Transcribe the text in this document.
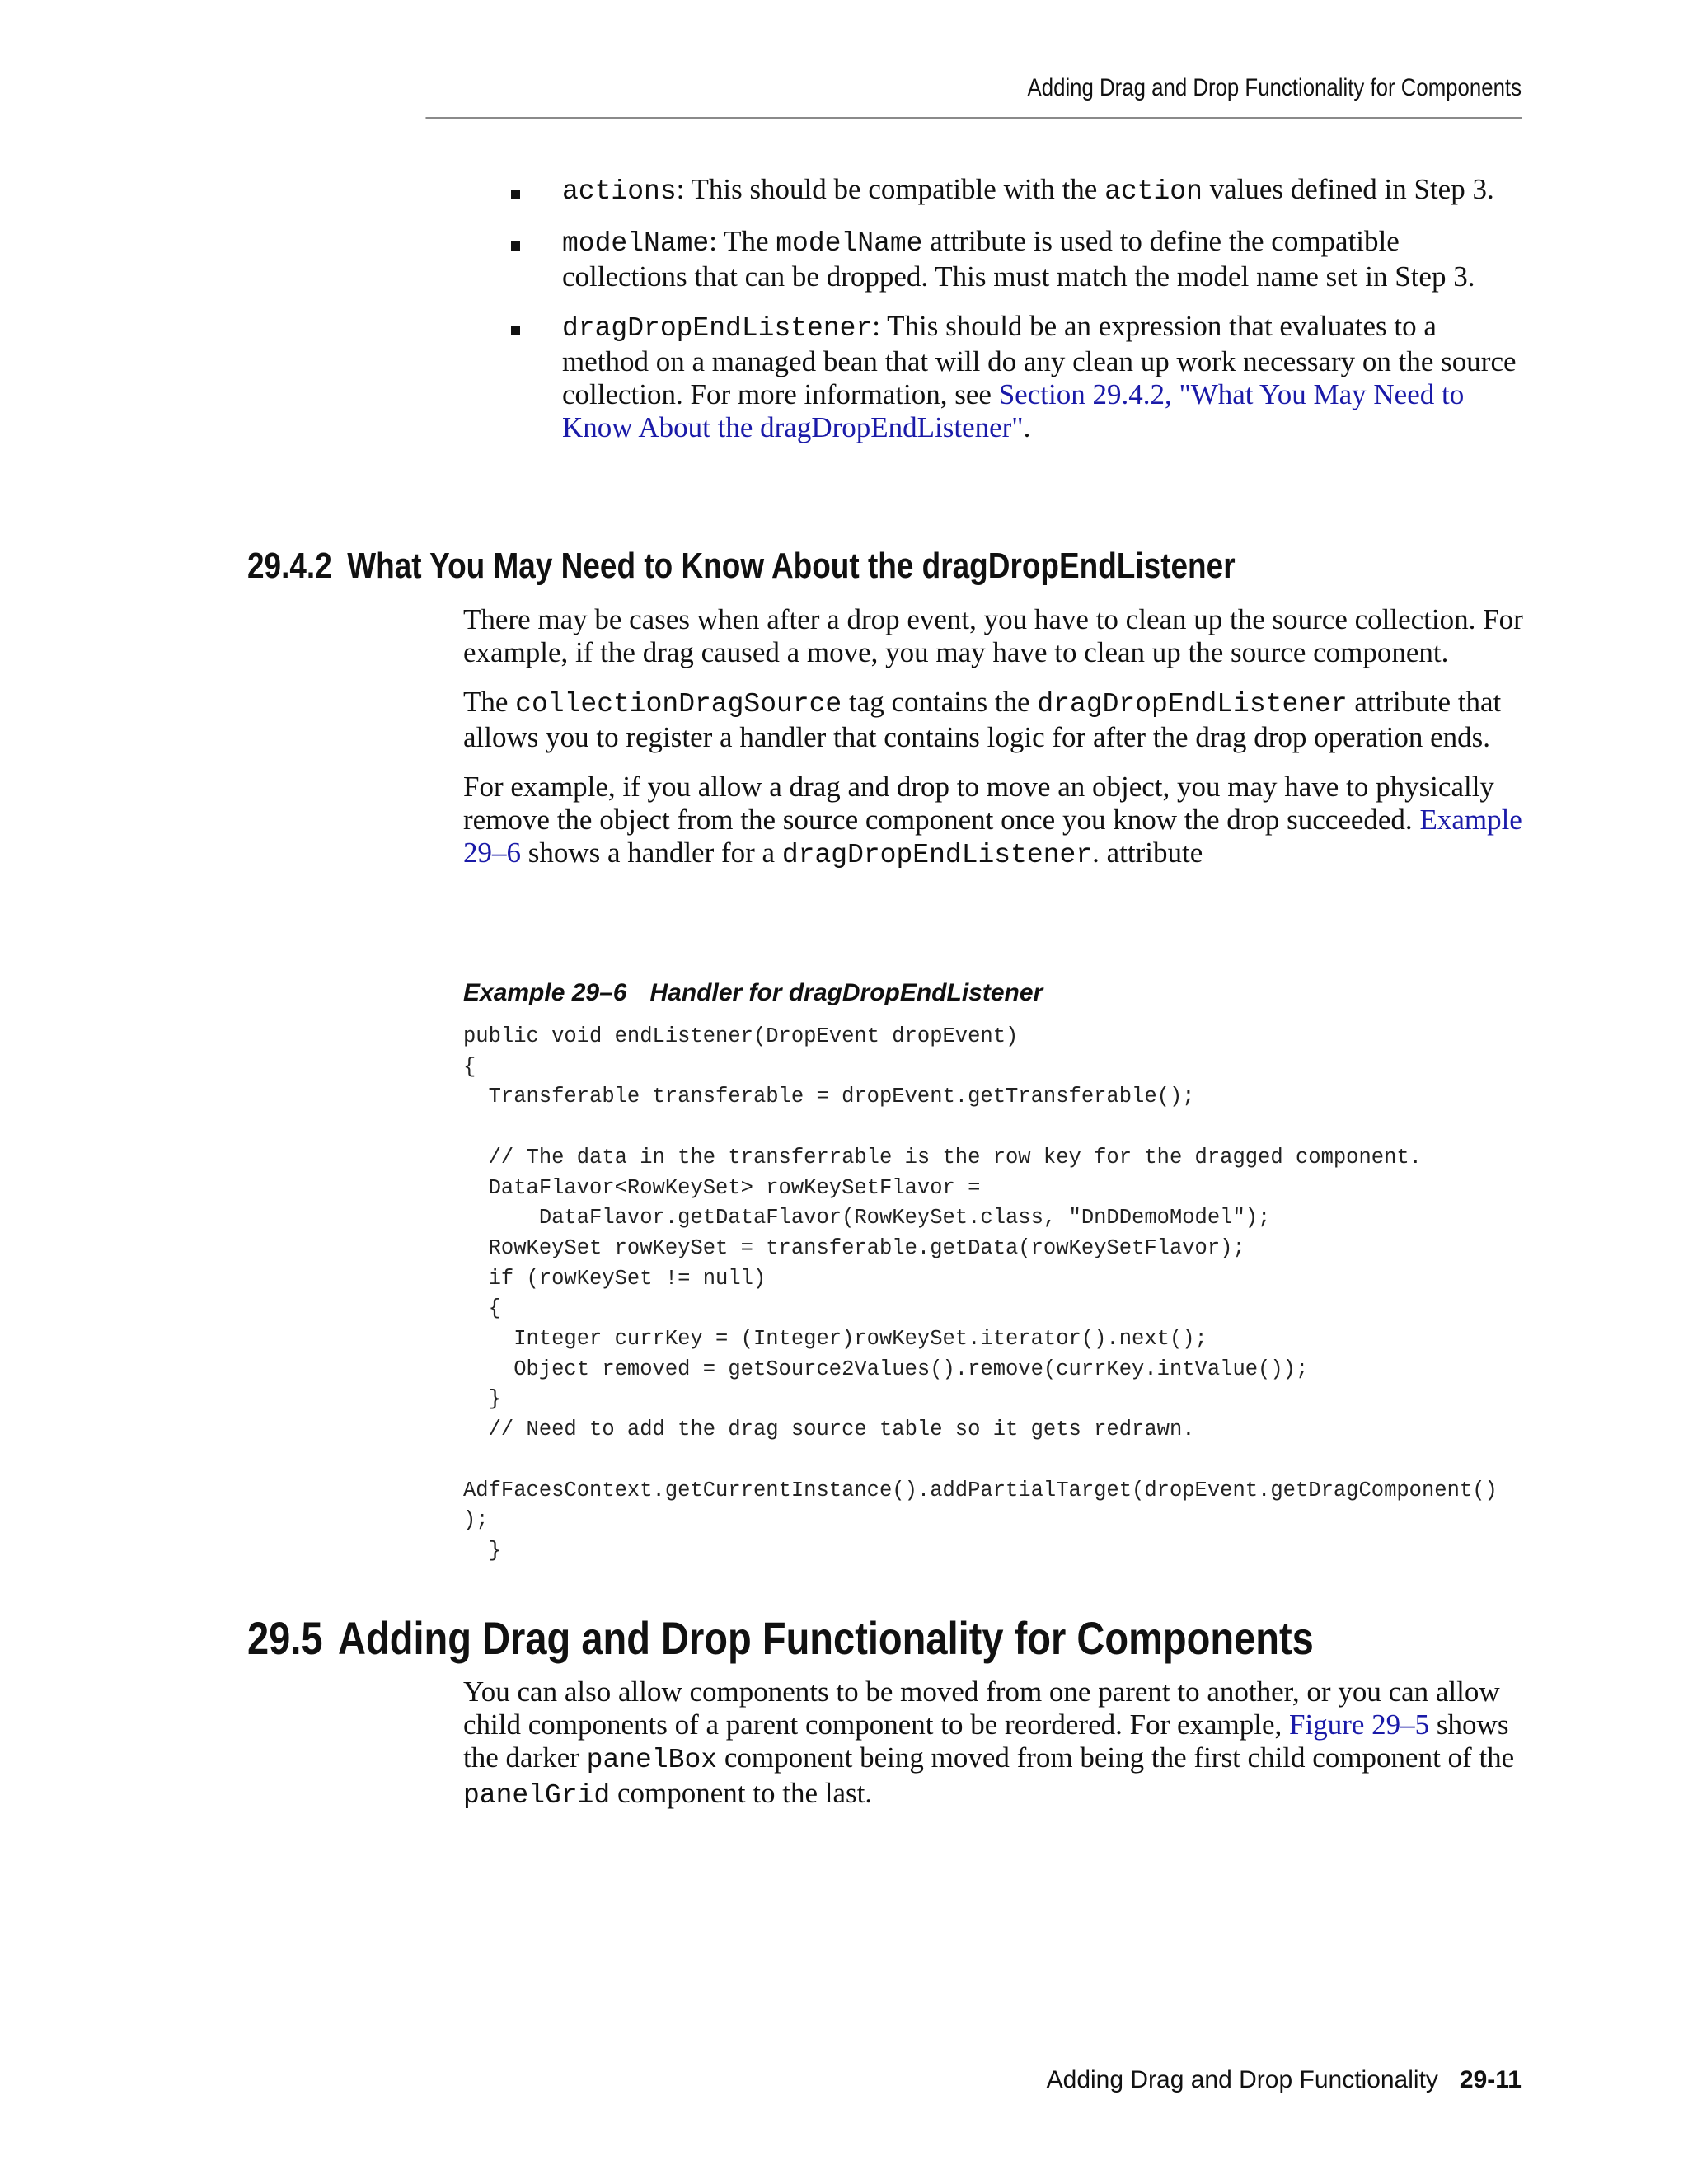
Adding Drag and Drop Functionality for Components
actions: This should be compatible with the action values defined in Step 3.
modelName: The modelName attribute is used to define the compatible collections that can be dropped. This must match the model name set in Step 3.
dragDropEndListener: This should be an expression that evaluates to a method on a managed bean that will do any clean up work necessary on the source collection. For more information, see Section 29.4.2, "What You May Need to Know About the dragDropEndListener".
29.4.2 What You May Need to Know About the dragDropEndListener

There may be cases when after a drop event, you have to clean up the source collection. For example, if the drag caused a move, you may have to clean up the source component.

The collectionDragSource tag contains the dragDropEndListener attribute that allows you to register a handler that contains logic for after the drag drop operation ends.

For example, if you allow a drag and drop to move an object, you may have to physically remove the object from the source component once you know the drop succeeded. Example 29–6 shows a handler for a dragDropEndListener. attribute

Example 29–6 Handler for dragDropEndListener

public void endListener(DropEvent dropEvent)
{
Transferable transferable = dropEvent.getTransferable();

// The data in the transferrable is the row key for the dragged component.
DataFlavor<RowKeySet> rowKeySetFlavor =
DataFlavor.getDataFlavor(RowKeySet.class, "DnDDemoModel");
RowKeySet rowKeySet = transferable.getData(rowKeySetFlavor);
if (rowKeySet != null)
{
Integer currKey = (Integer)rowKeySet.iterator().next();
Object removed = getSource2Values().remove(currKey.intValue());
}
// Need to add the drag source table so it gets redrawn.

AdfFacesContext.getCurrentInstance().addPartialTarget(dropEvent.getDragComponent()
);
}
29.5 Adding Drag and Drop Functionality for Components

You can also allow components to be moved from one parent to another, or you can allow child components of a parent component to be reordered. For example, Figure 29–5 shows the darker panelBox component being moved from being the first child component of the panelGrid component to the last.

Adding Drag and Drop Functionality 29-11
